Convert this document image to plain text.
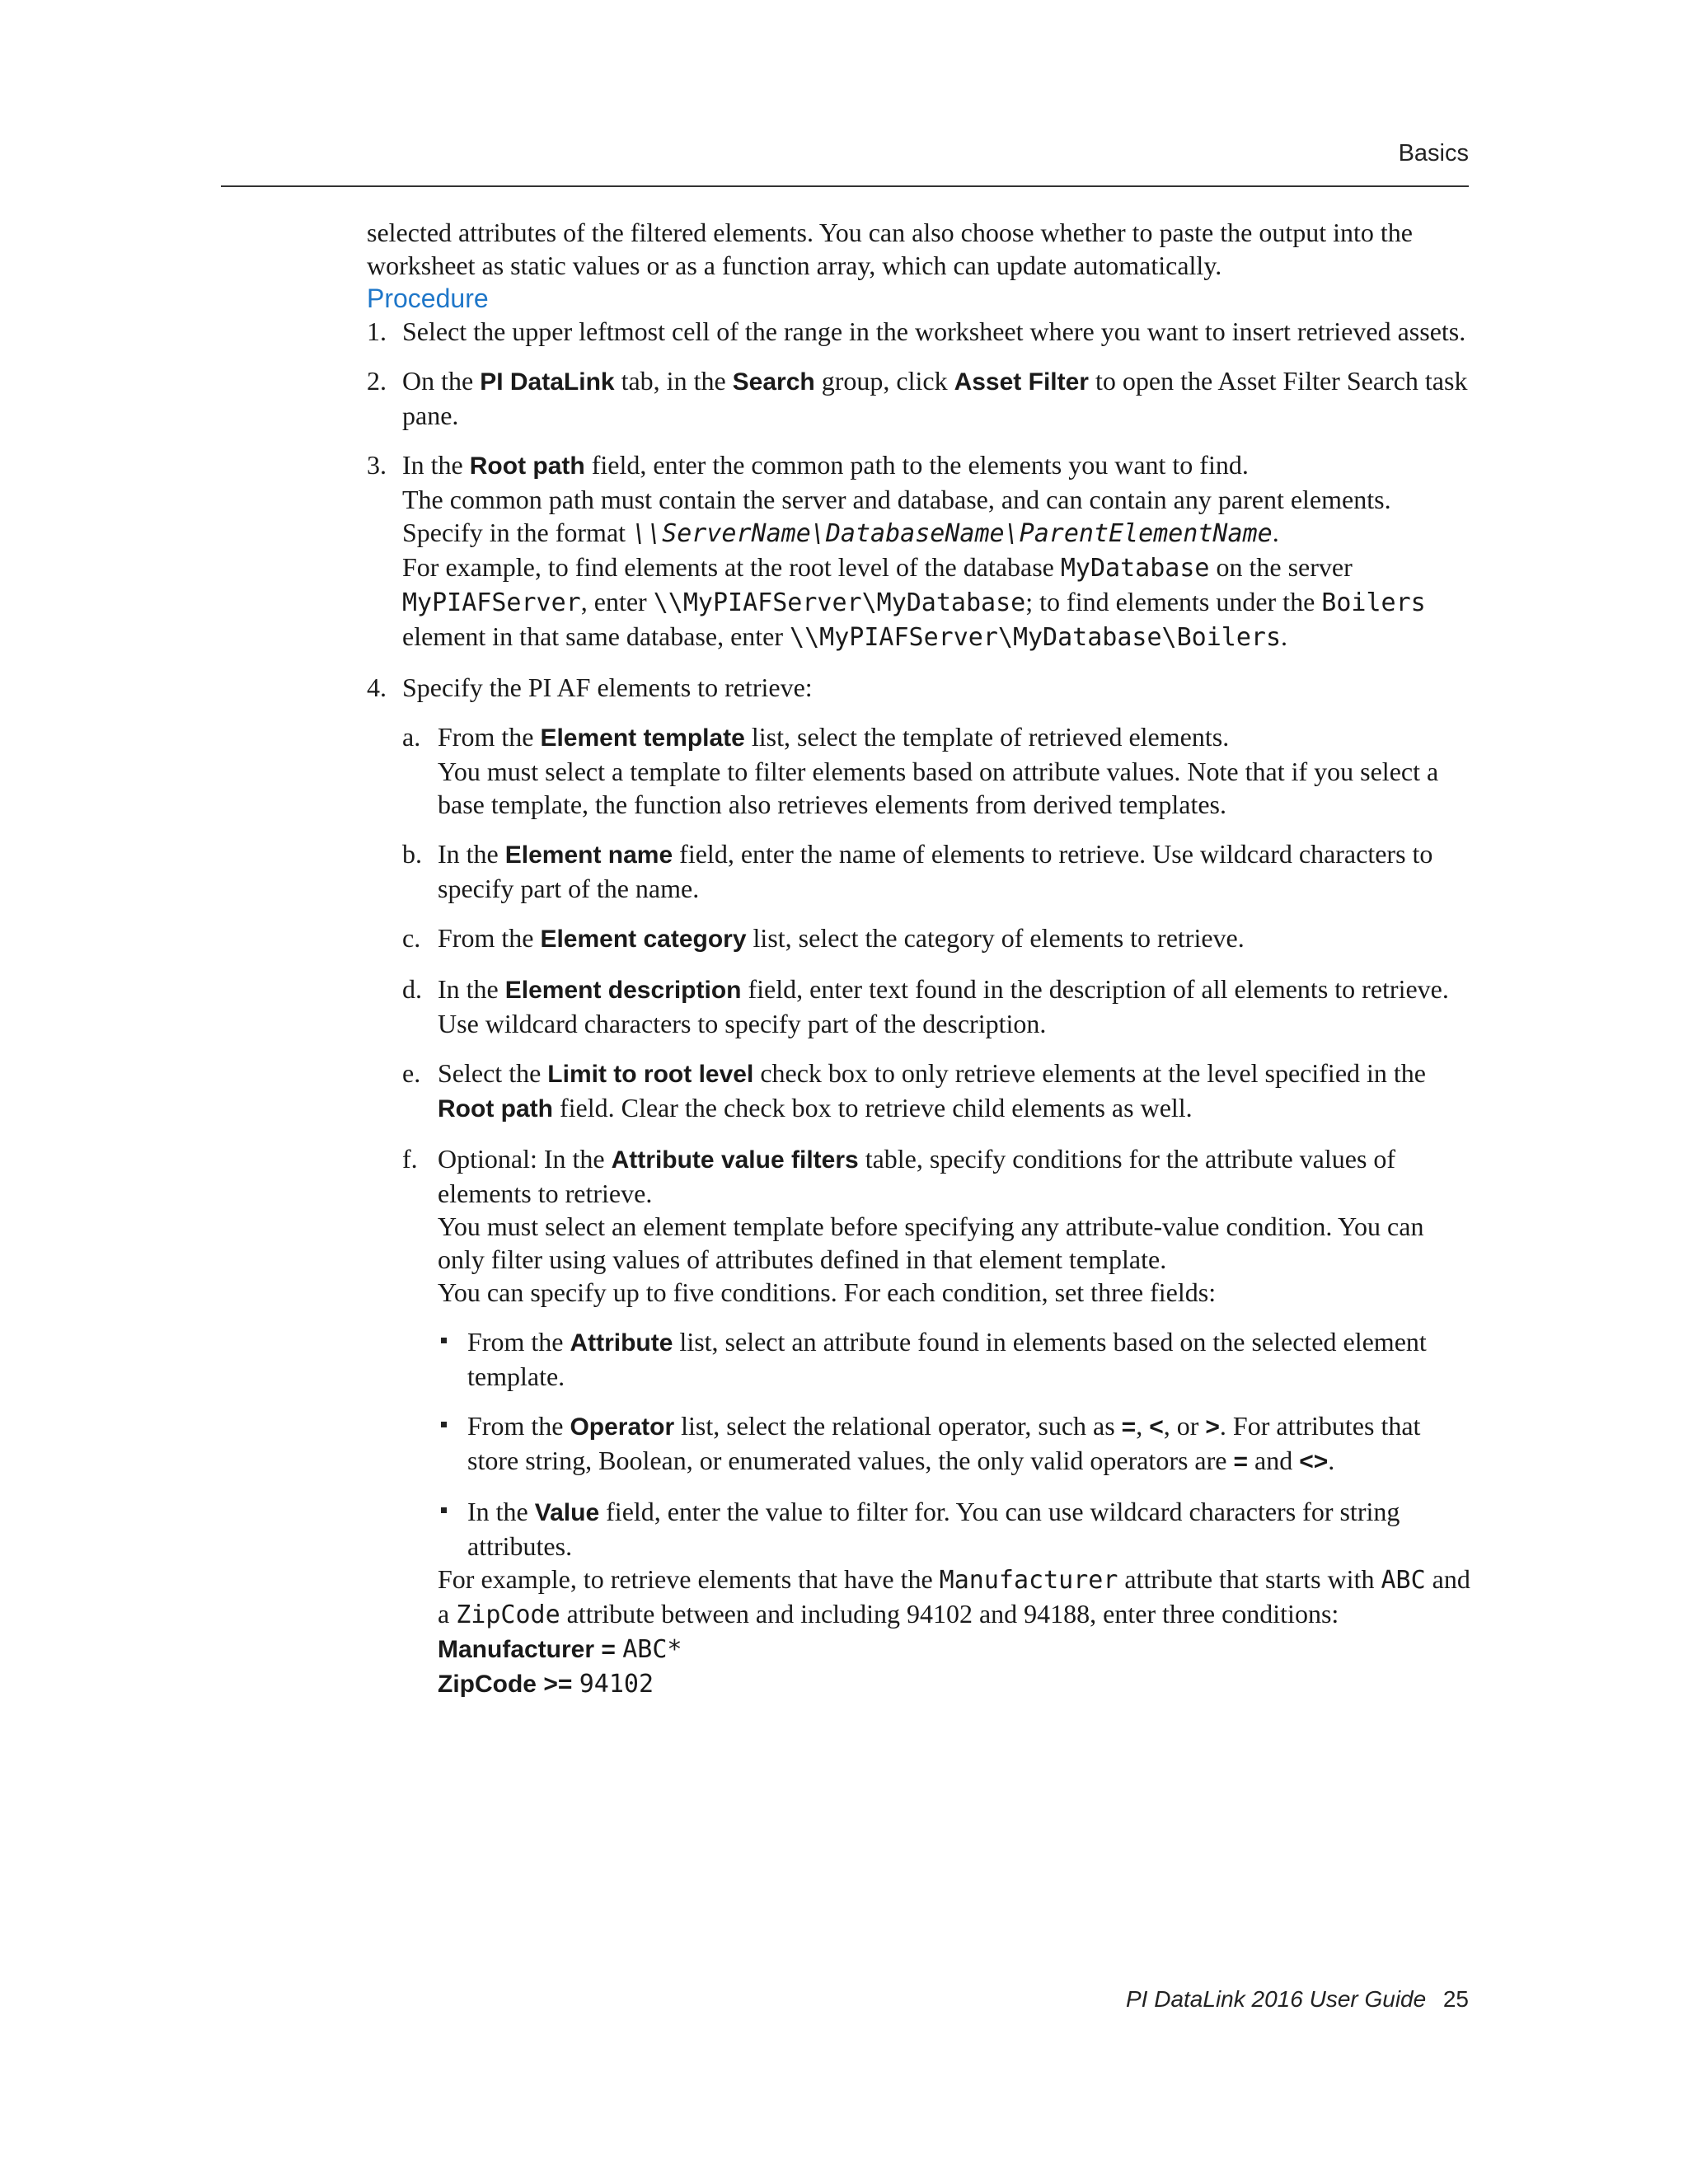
Basics

selected attributes of the filtered elements. You can also choose whether to paste the output into the worksheet as static values or as a function array, which can update automatically.

Procedure

1. Select the upper leftmost cell of the range in the worksheet where you want to insert retrieved assets.

2. On the PI DataLink tab, in the Search group, click Asset Filter to open the Asset Filter Search task pane.

3. In the Root path field, enter the common path to the elements you want to find.

The common path must contain the server and database, and can contain any parent elements. Specify in the format \\ServerName\DatabaseName\ParentElementName.

For example, to find elements at the root level of the database MyDatabase on the server MyPIAFServer, enter \\MyPIAFServer\MyDatabase; to find elements under the Boilers element in that same database, enter \\MyPIAFServer\MyDatabase\Boilers.

4. Specify the PI AF elements to retrieve:

a. From the Element template list, select the template of retrieved elements.

You must select a template to filter elements based on attribute values. Note that if you select a base template, the function also retrieves elements from derived templates.

b. In the Element name field, enter the name of elements to retrieve. Use wildcard characters to specify part of the name.

c. From the Element category list, select the category of elements to retrieve.

d. In the Element description field, enter text found in the description of all elements to retrieve. Use wildcard characters to specify part of the description.

e. Select the Limit to root level check box to only retrieve elements at the level specified in the Root path field. Clear the check box to retrieve child elements as well.

f. Optional: In the Attribute value filters table, specify conditions for the attribute values of elements to retrieve.

You must select an element template before specifying any attribute-value condition. You can only filter using values of attributes defined in that element template.

You can specify up to five conditions. For each condition, set three fields:

From the Attribute list, select an attribute found in elements based on the selected element template.

From the Operator list, select the relational operator, such as =, <, or >. For attributes that store string, Boolean, or enumerated values, the only valid operators are = and <>.

In the Value field, enter the value to filter for. You can use wildcard characters for string attributes.

For example, to retrieve elements that have the Manufacturer attribute that starts with ABC and a ZipCode attribute between and including 94102 and 94188, enter three conditions:

Manufacturer = ABC*

ZipCode >= 94102

PI DataLink 2016 User Guide 25
